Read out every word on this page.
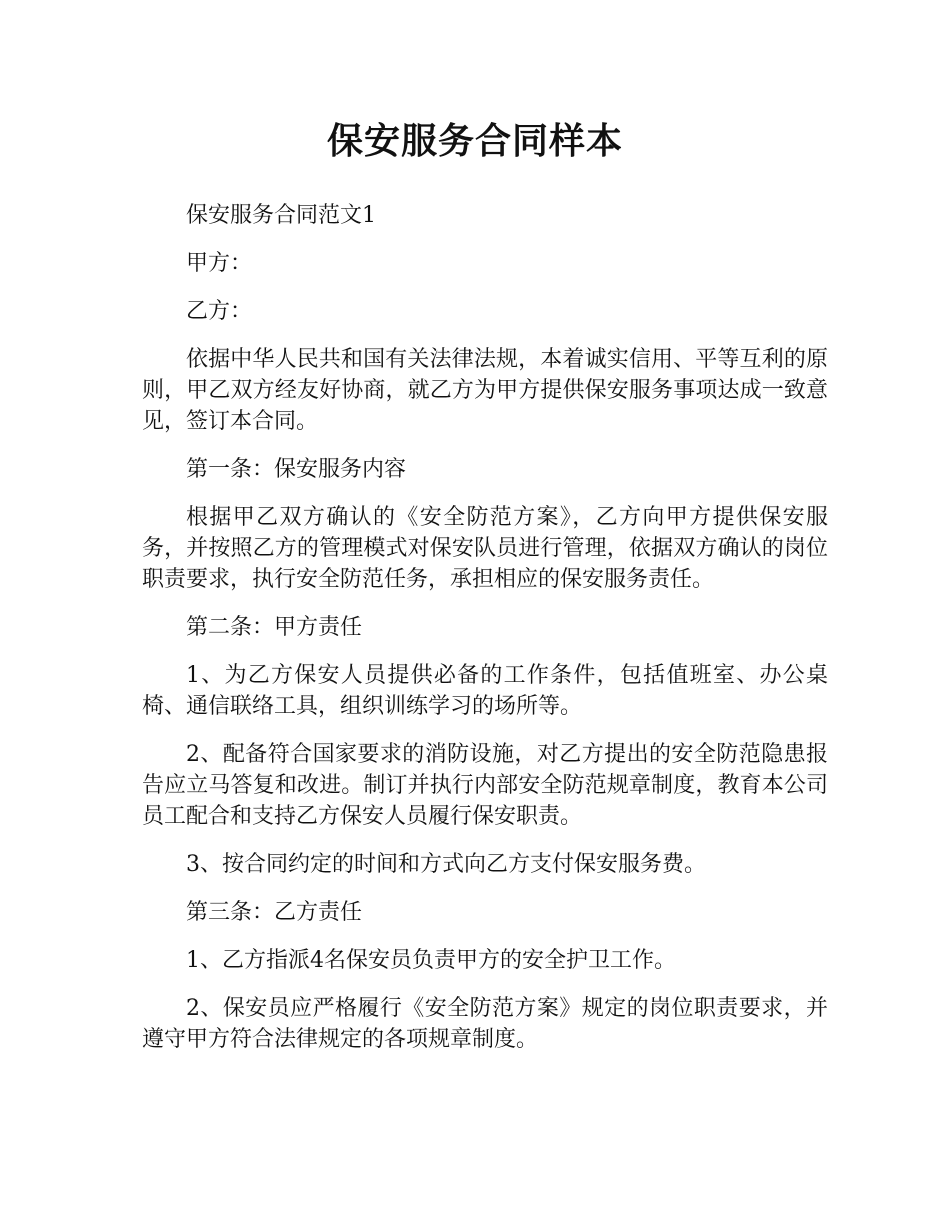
保安服务合同样本

保安服务合同范文1

甲方：

乙方：

依据中华人民共和国有关法律法规，本着诚实信用、平等互利的原则，甲乙双方经友好协商，就乙方为甲方提供保安服务事项达成一致意见，签订本合同。

第一条：保安服务内容

根据甲乙双方确认的《安全防范方案》，乙方向甲方提供保安服务，并按照乙方的管理模式对保安队员进行管理，依据双方确认的岗位职责要求，执行安全防范任务，承担相应的保安服务责任。

第二条：甲方责任

1、为乙方保安人员提供必备的工作条件，包括值班室、办公桌椅、通信联络工具，组织训练学习的场所等。

2、配备符合国家要求的消防设施，对乙方提出的安全防范隐患报告应立马答复和改进。制订并执行内部安全防范规章制度，教育本公司员工配合和支持乙方保安人员履行保安职责。

3、按合同约定的时间和方式向乙方支付保安服务费。

第三条：乙方责任

1、乙方指派4名保安员负责甲方的安全护卫工作。

2、保安员应严格履行《安全防范方案》规定的岗位职责要求，并遵守甲方符合法律规定的各项规章制度。
